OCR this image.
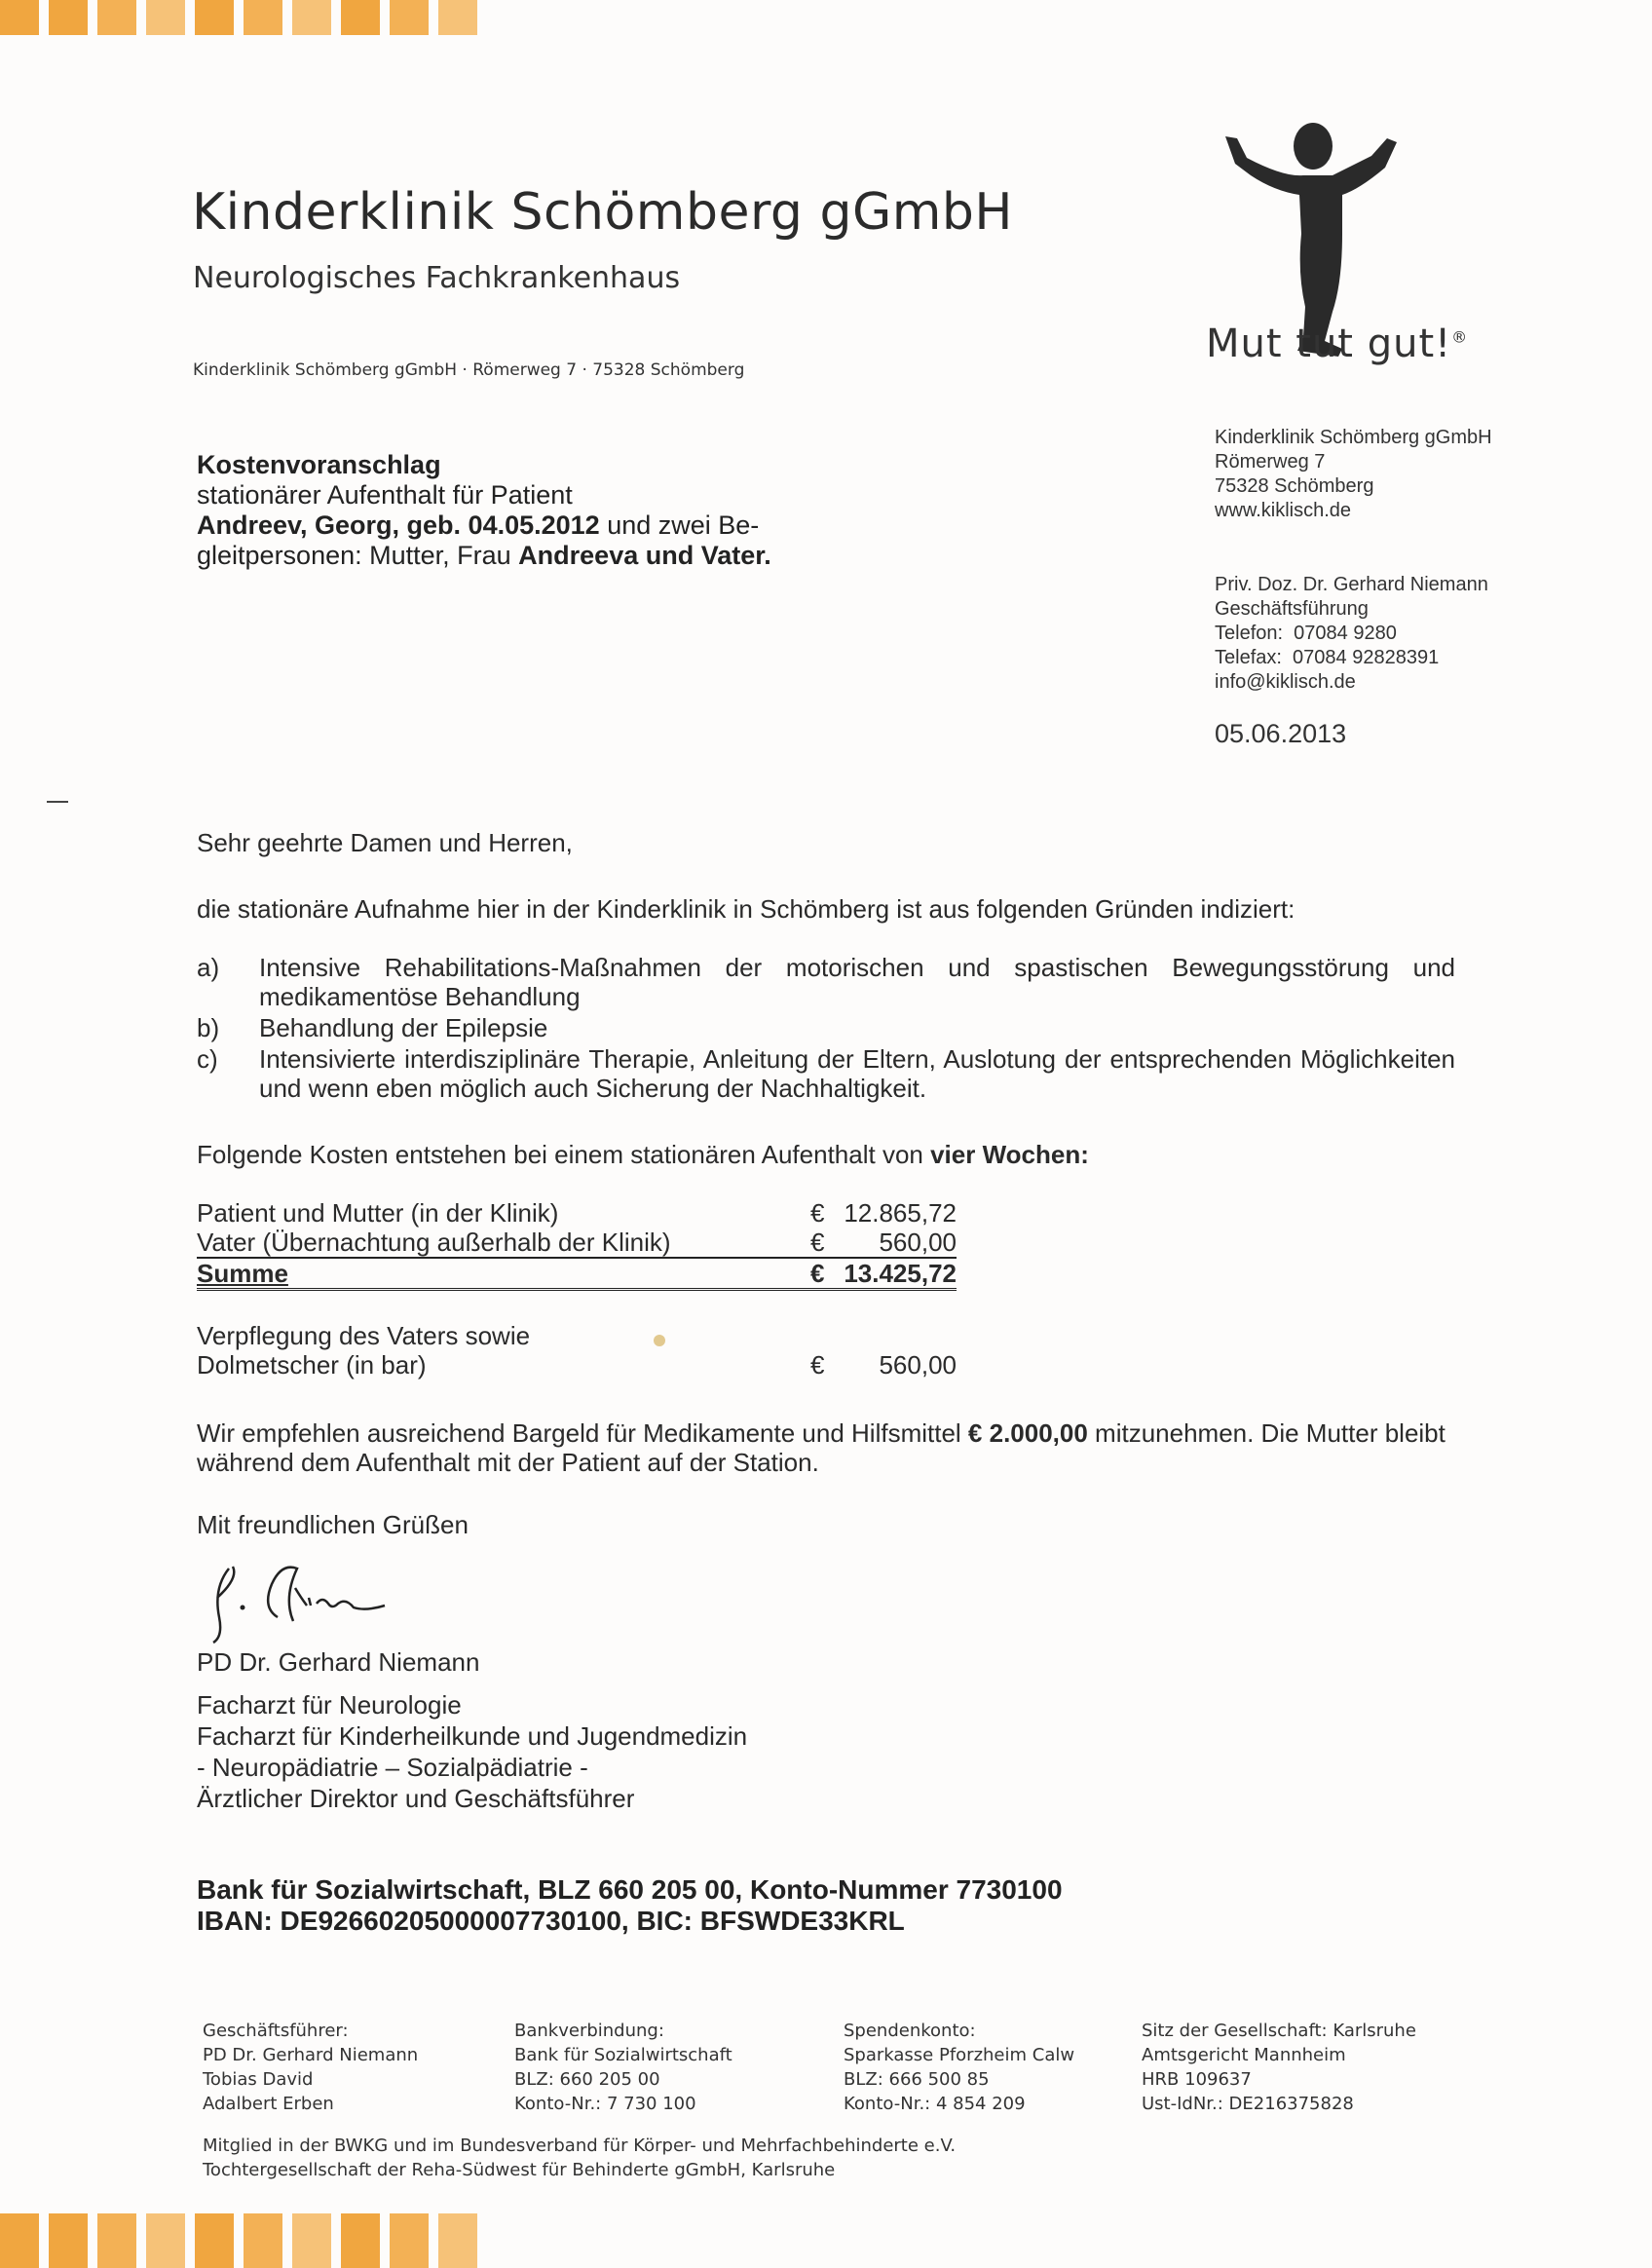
Kinderklinik Schömberg gGmbH
Neurologisches Fachkrankenhaus
Kinderklinik Schömberg gGmbH · Römerweg 7 · 75328 Schömberg
Mut tut gut!®
Kinderklinik Schömberg gGmbH
Römerweg 7
75328 Schömberg
www.kiklisch.de
Priv. Doz. Dr. Gerhard Niemann
Geschäftsführung
Telefon:  07084 9280
Telefax:  07084 92828391
info@kiklisch.de
05.06.2013
Kostenvoranschlag
stationärer Aufenthalt für Patient
Andreev, Georg, geb. 04.05.2012 und zwei Be-
gleitpersonen: Mutter, Frau Andreeva und Vater.
Sehr geehrte Damen und Herren,
die stationäre Aufnahme hier in der Kinderklinik in Schömberg ist aus folgenden Gründen indiziert:
a)	Intensive Rehabilitations-Maßnahmen der motorischen und spastischen Bewegungsstörung und medikamentöse Behandlung
b)	Behandlung der Epilepsie
c)	Intensivierte interdisziplinäre Therapie, Anleitung der Eltern, Auslotung der entsprechenden Möglichkeiten und wenn eben möglich auch Sicherung der Nachhaltigkeit.
Folgende Kosten entstehen bei einem stationären Aufenthalt von vier Wochen:
Patient und Mutter (in der Klinik)	€ 12.865,72
Vater (Übernachtung außerhalb der Klinik)	€ 560,00
Summe	€ 13.425,72
Verpflegung des Vaters sowie
Dolmetscher (in bar)	€ 560,00
Wir empfehlen ausreichend Bargeld für Medikamente und Hilfsmittel € 2.000,00 mitzunehmen. Die Mutter bleibt während dem Aufenthalt mit der Patient auf der Station.
Mit freundlichen Grüßen
PD Dr. Gerhard Niemann
Facharzt für Neurologie
Facharzt für Kinderheilkunde und Jugendmedizin
- Neuropädiatrie – Sozialpädiatrie -
Ärztlicher Direktor und Geschäftsführer
Bank für Sozialwirtschaft, BLZ 660 205 00, Konto-Nummer 7730100
IBAN: DE92660205000007730100, BIC: BFSWDE33KRL
Geschäftsführer:
PD Dr. Gerhard Niemann
Tobias David
Adalbert Erben
Bankverbindung:
Bank für Sozialwirtschaft
BLZ: 660 205 00
Konto-Nr.: 7 730 100
Spendenkonto:
Sparkasse Pforzheim Calw
BLZ: 666 500 85
Konto-Nr.: 4 854 209
Sitz der Gesellschaft: Karlsruhe
Amtsgericht Mannheim
HRB 109637
Ust-IdNr.: DE216375828
Mitglied in der BWKG und im Bundesverband für Körper- und Mehrfachbehinderte e.V.
Tochtergesellschaft der Reha-Südwest für Behinderte gGmbH, Karlsruhe
